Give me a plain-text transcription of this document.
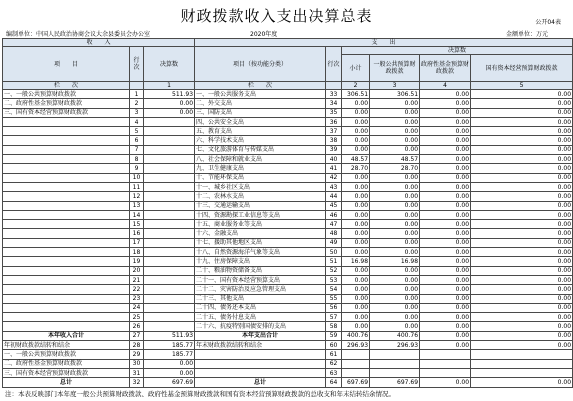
财政拨款收入支出决算总表	公开04表
编制单位：中国人民政治协商会议大余县委员会办公室	2020年度	金额单位：万元
收　　入			支　　出					
项　　目	行次	决算数	项目（按功能分类）	行次	决算数			
					小计	一般公共预算财政拨款	政府性基金预算财政拨款	国有资本经营预算财政拨款
栏　　次		1	栏　　次		2	3	4	5
一、一般公共预算财政拨款	1	511.93	一、一般公共服务支出	33	306.51	306.51	0.00	0.00
二、政府性基金预算财政拨款	2	0.00	二、外交支出	34	0.00	0.00	0.00	0.00
三、国有资本经营预算财政拨款	3	0.00	三、国防支出	35	0.00	0.00	0.00	0.00
	4		四、公共安全支出	36	0.00	0.00	0.00	0.00
	5		五、教育支出	37	0.00	0.00	0.00	0.00
	6		六、科学技术支出	38	0.00	0.00	0.00	0.00
	7		七、文化旅游体育与传媒支出	39	0.00	0.00	0.00	0.00
	8		八、社会保障和就业支出	40	48.57	48.57	0.00	0.00
	9		九、卫生健康支出	41	28.70	28.70	0.00	0.00
	10		十、节能环保支出	42	0.00	0.00	0.00	0.00
	11		十一、城乡社区支出	43	0.00	0.00	0.00	0.00
	12		十二、农林水支出	44	0.00	0.00	0.00	0.00
	13		十三、交通运输支出	45	0.00	0.00	0.00	0.00
	14		十四、资源勘探工业信息等支出	46	0.00	0.00	0.00	0.00
	15		十五、商业服务业等支出	47	0.00	0.00	0.00	0.00
	16		十六、金融支出	48	0.00	0.00	0.00	0.00
	17		十七、援助其他地区支出	49	0.00	0.00	0.00	0.00
	18		十八、自然资源海洋气象等支出	50	0.00	0.00	0.00	0.00
	19		十九、住房保障支出	51	16.98	16.98	0.00	0.00
	20		二十、粮油物资储备支出	52	0.00	0.00	0.00	0.00
	21		二十一、国有资本经营预算支出	53	0.00	0.00	0.00	0.00
	22		二十二、灾害防治及应急管理支出	54	0.00	0.00	0.00	0.00
	23		二十三、其他支出	55	0.00	0.00	0.00	0.00
	24		二十四、债务还本支出	56	0.00	0.00	0.00	0.00
	25		二十五、债务付息支出	57	0.00	0.00	0.00	0.00
	26		二十六、抗疫特别国债安排的支出	58	0.00	0.00	0.00	0.00
本年收入合计	27	511.93	本年支出合计	59	400.76	400.76	0.00	0.00
年初财政拨款结转和结余	28	185.77	年末财政拨款结转和结余	60	296.93	296.93	0.00	0.00
一、一般公共预算财政拨款	29	185.77		61				
二、政府性基金预算财政拨款	30	0.00		62				
三、国有资本经营预算财政拨款	31	0.00		63				
总计	32	697.69	总计	64	697.69	697.69	0.00	0.00
注：本表反映部门本年度一般公共预算财政拨款、政府性基金预算财政拨款和国有资本经营预算财政拨款的总收支和年末结转结余情况。
